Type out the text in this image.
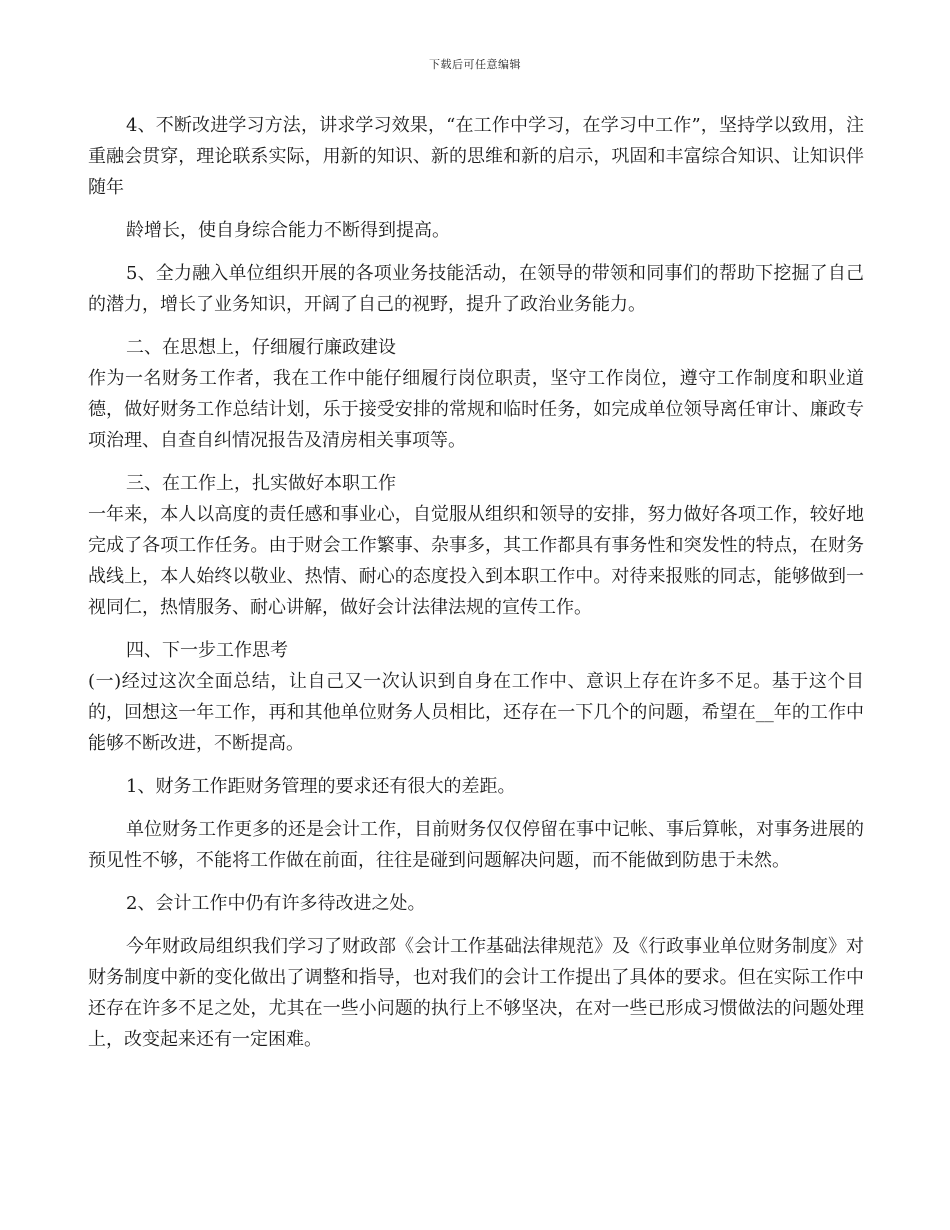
下载后可任意编辑

4、不断改进学习方法，讲求学习效果，“在工作中学习，在学习中工作”，坚持学以致用，注重融会贯穿，理论联系实际，用新的知识、新的思维和新的启示，巩固和丰富综合知识、让知识伴随年

龄增长，使自身综合能力不断得到提高。

5、全力融入单位组织开展的各项业务技能活动，在领导的带领和同事们的帮助下挖掘了自己的潜力，增长了业务知识，开阔了自己的视野，提升了政治业务能力。

二、在思想上，仔细履行廉政建设

作为一名财务工作者，我在工作中能仔细履行岗位职责，坚守工作岗位，遵守工作制度和职业道德，做好财务工作总结计划，乐于接受安排的常规和临时任务，如完成单位领导离任审计、廉政专项治理、自查自纠情况报告及清房相关事项等。

三、在工作上，扎实做好本职工作

一年来，本人以高度的责任感和事业心，自觉服从组织和领导的安排，努力做好各项工作，较好地完成了各项工作任务。由于财会工作繁事、杂事多，其工作都具有事务性和突发性的特点，在财务战线上，本人始终以敬业、热情、耐心的态度投入到本职工作中。对待来报账的同志，能够做到一视同仁，热情服务、耐心讲解，做好会计法律法规的宣传工作。

四、下一步工作思考

(一)经过这次全面总结，让自己又一次认识到自身在工作中、意识上存在许多不足。基于这个目的，回想这一年工作，再和其他单位财务人员相比，还存在一下几个的问题，希望在__年的工作中能够不断改进，不断提高。

1、财务工作距财务管理的要求还有很大的差距。

单位财务工作更多的还是会计工作，目前财务仅仅停留在事中记帐、事后算帐，对事务进展的预见性不够，不能将工作做在前面，往往是碰到问题解决问题，而不能做到防患于未然。

2、会计工作中仍有许多待改进之处。

今年财政局组织我们学习了财政部《会计工作基础法律规范》及《行政事业单位财务制度》对财务制度中新的变化做出了调整和指导，也对我们的会计工作提出了具体的要求。但在实际工作中还存在许多不足之处，尤其在一些小问题的执行上不够坚决，在对一些已形成习惯做法的问题处理上，改变起来还有一定困难。
